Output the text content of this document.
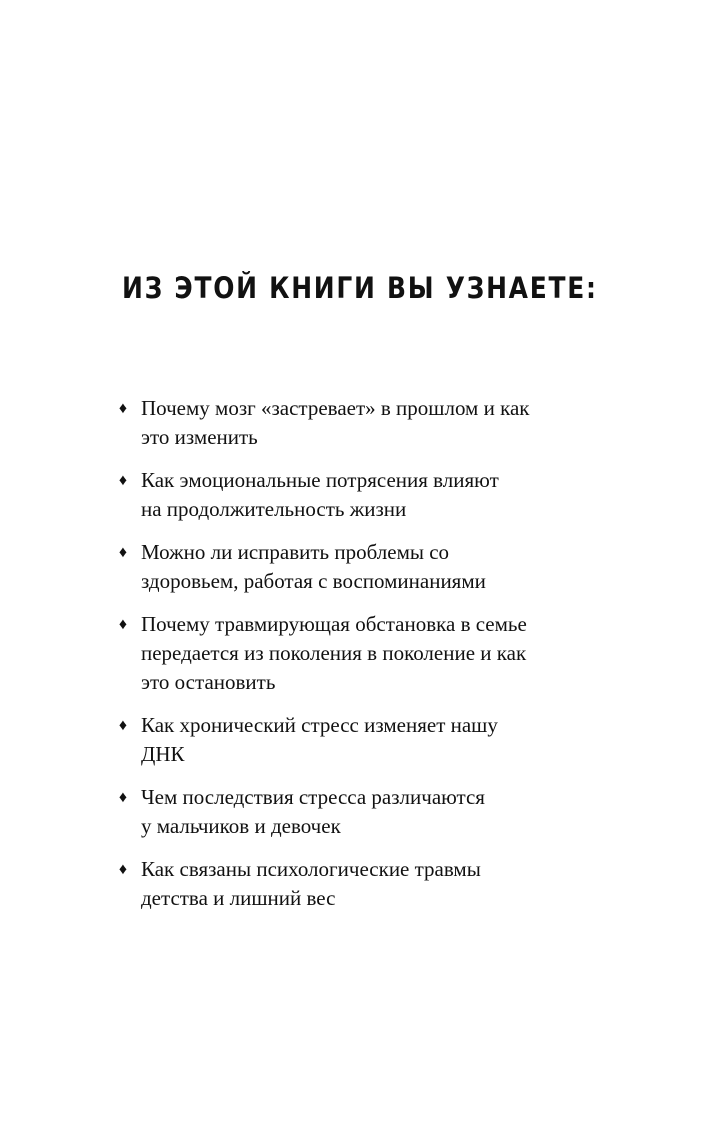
ИЗ ЭТОЙ КНИГИ ВЫ УЗНАЕТЕ:
♦ Почему мозг «застревает» в прошлом и как
это изменить
♦ Как эмоциональные потрясения влияют
на продолжительность жизни
♦ Можно ли исправить проблемы со
здоровьем, работая с воспоминаниями
♦ Почему травмирующая обстановка в семье
передается из поколения в поколение и как
это остановить
♦ Как хронический стресс изменяет нашу
ДНК
♦ Чем последствия стресса различаются
у мальчиков и девочек
♦ Как связаны психологические травмы
детства и лишний вес
